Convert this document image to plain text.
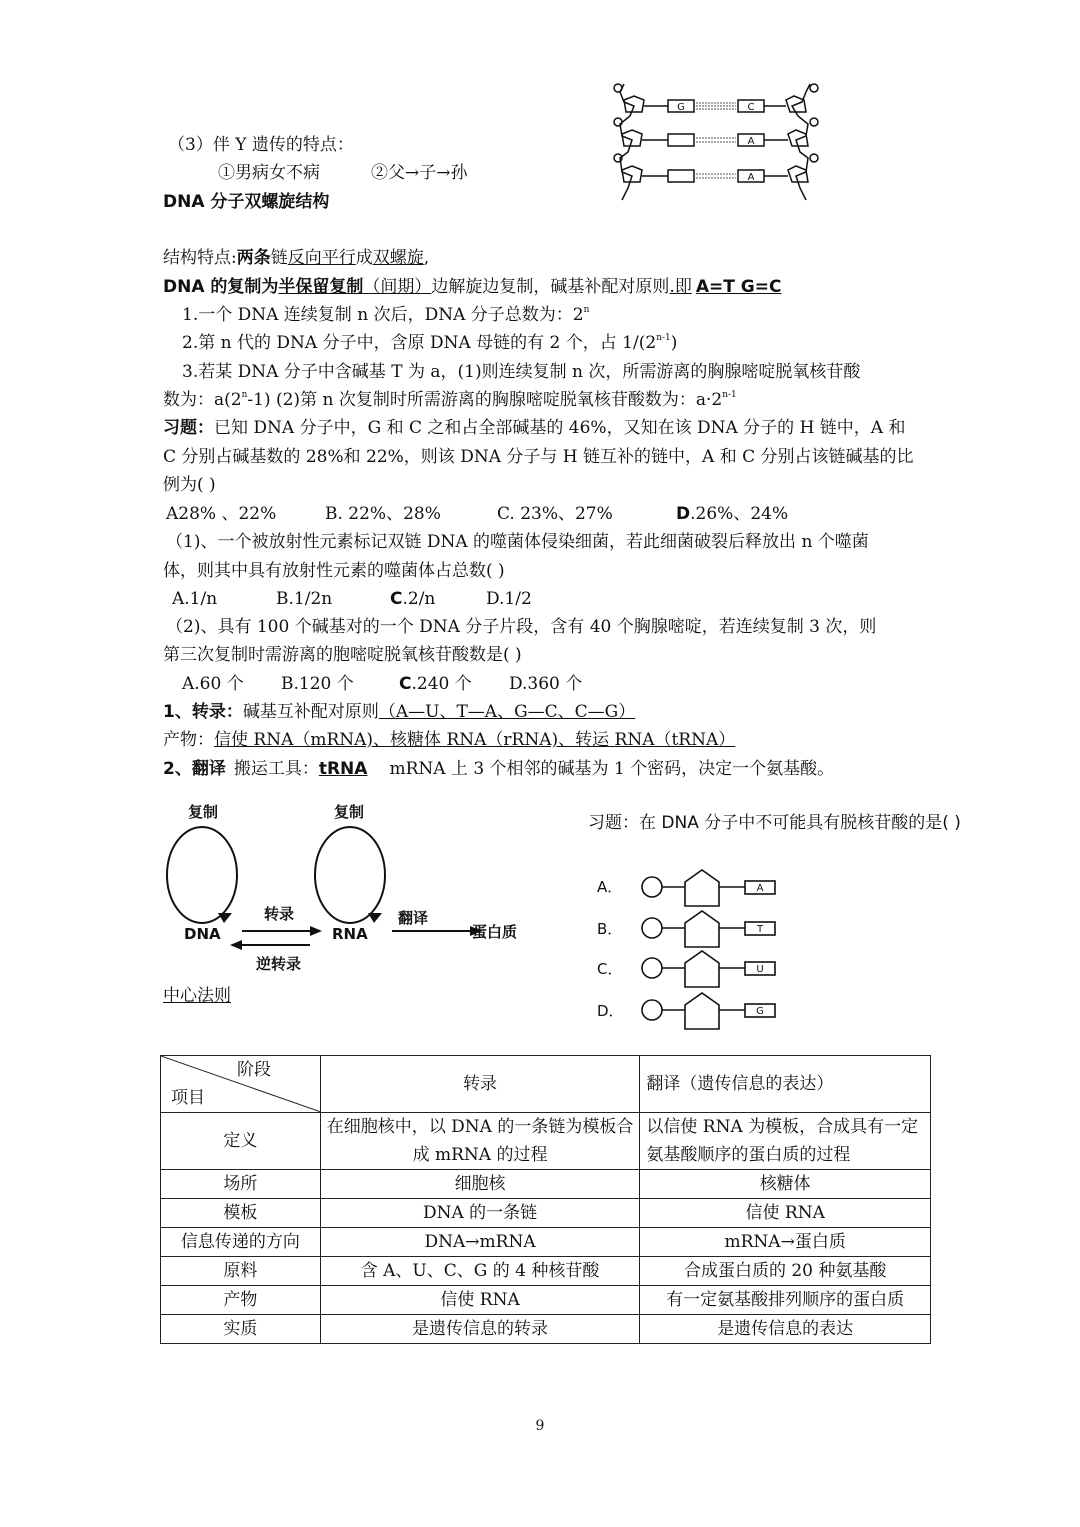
（3）伴 Y 遗传的特点：
①男病女不病	②父→子→孙
DNA 分子双螺旋结构
G	C
A
A
结构特点:两条链反向平行成双螺旋,
DNA 的复制为半保留复制（间期）边解旋边复制，碱基补配对原则.即 A=T G=C
1.一个 DNA 连续复制 n 次后，DNA 分子总数为：2$^n$
2.第 n 代的 DNA 分子中，含原 DNA 母链的有 2 个，占 1/(2$^{n-1}$)
3.若某 DNA 分子中含碱基 T 为 a，(1)则连续复制 n 次，所需游离的胸腺嘧啶脱氧核苷酸
数为：a(2$^n$-1) (2)第 n 次复制时所需游离的胸腺嘧啶脱氧核苷酸数为：$a\cdot 2^{n-1}$
习题：已知 DNA 分子中，G 和 C 之和占全部碱基的 46%，又知在该 DNA 分子的 H 链中，A 和
C 分别占碱基数的 28%和 22%，则该 DNA 分子与 H 链互补的链中，A 和 C 分别占该链碱基的比
例为( )
A28% 、22%	B. 22%、28%	C. 23%、27%	D.26%、24%
（1)、一个被放射性元素标记双链 DNA 的噬菌体侵染细菌，若此细菌破裂后释放出 n 个噬菌
体，则其中具有放射性元素的噬菌体占总数( )
A.1/n	B.1/2n	C.2/n	D.1/2
（2)、具有 100 个碱基对的一个 DNA 分子片段，含有 40 个胸腺嘧啶，若连续复制 3 次，则
第三次复制时需游离的胞嘧啶脱氧核苷酸数是( )
A.60 个 B.120 个	C.240 个 D.360 个
1、转录：碱基互补配对原则（A—U、T—A、G—C、C—G）
产物：信使 RNA（mRNA)、核糖体 RNA（rRNA)、转运 RNA（tRNA）
2、翻译 搬运工具：tRNA mRNA 上 3 个相邻的碱基为 1 个密码，决定一个氨基酸。
复制	复制
DNA	RNA	蛋白质
转录
逆转录
翻译
中心法则
习题：在 DNA 分子中不可能具有脱核苷酸的是( )
A．
B．
C．
D．
A
T
U
G
阶段
项目	转录	翻译（遗传信息的表达）
定义	在细胞核中，以 DNA 的一条链为模板合成 mRNA 的过程	以信使 RNA 为模板，合成具有一定氨基酸顺序的蛋白质的过程
场所	细胞核	核糖体
模板	DNA 的一条链	信使 RNA
信息传递的方向	DNA→mRNA	mRNA→蛋白质
原料	含 A、U、C、G 的 4 种核苷酸	合成蛋白质的 20 种氨基酸
产物	信使 RNA	有一定氨基酸排列顺序的蛋白质
实质	是遗传信息的转录	是遗传信息的表达
9
